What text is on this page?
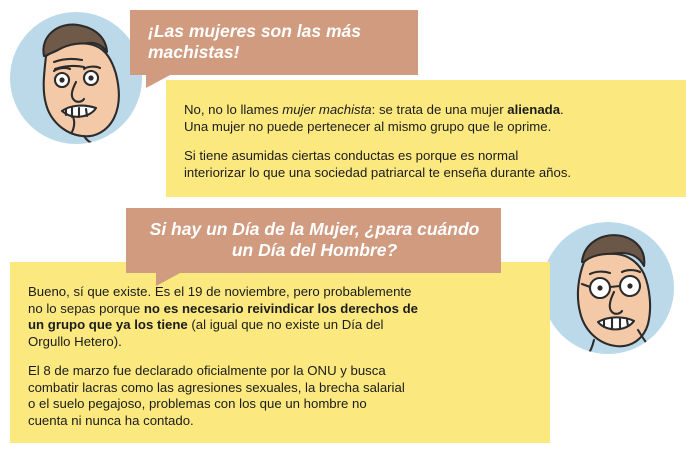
No, no lo llames mujer machista: se trata de una mujer alienada.
Una mujer no puede pertenecer al mismo grupo que le oprime.

Si tiene asumidas ciertas conductas es porque es normal
interiorizar lo que una sociedad patriarcal te enseña durante años.

¡Las mujeres son las más machistas!

Bueno, sí que existe. Es el 19 de noviembre, pero probablemente
no lo sepas porque no es necesario reivindicar los derechos de
un grupo que ya los tiene (al igual que no existe un Día del
Orgullo Hetero).

El 8 de marzo fue declarado oficialmente por la ONU y busca
combatir lacras como las agresiones sexuales, la brecha salarial
o el suelo pegajoso, problemas con los que un hombre no
cuenta ni nunca ha contado.

Si hay un Día de la Mujer, ¿para cuándo un Día del Hombre?
